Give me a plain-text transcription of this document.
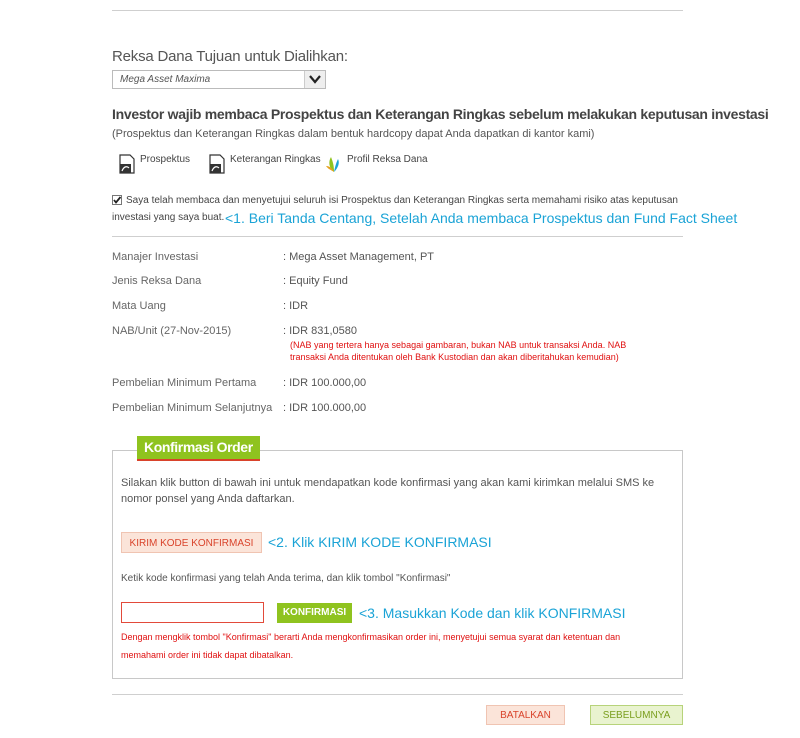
Reksa Dana Tujuan untuk Dialihkan:
Mega Asset Maxima
Investor wajib membaca Prospektus dan Keterangan Ringkas sebelum melakukan keputusan investasi
(Prospektus dan Keterangan Ringkas dalam bentuk hardcopy dapat Anda dapatkan di kantor kami)
Prospektus	Keterangan Ringkas	Profil Reksa Dana
Saya telah membaca dan menyetujui seluruh isi Prospektus dan Keterangan Ringkas serta memahami risiko atas keputusan
investasi yang saya buat. <1. Beri Tanda Centang, Setelah Anda membaca Prospektus dan Fund Fact Sheet
Manajer Investasi	: Mega Asset Management, PT
Jenis Reksa Dana	: Equity Fund
Mata Uang	: IDR
NAB/Unit (27-Nov-2015)	: IDR 831,0580
(NAB yang tertera hanya sebagai gambaran, bukan NAB untuk transaksi Anda. NAB
transaksi Anda ditentukan oleh Bank Kustodian dan akan diberitahukan kemudian)
Pembelian Minimum Pertama : IDR 100.000,00
Pembelian Minimum Selanjutnya : IDR 100.000,00
Konfirmasi Order
Silakan klik button di bawah ini untuk mendapatkan kode konfirmasi yang akan kami kirimkan melalui SMS ke
nomor ponsel yang Anda daftarkan.
KIRIM KODE KONFIRMASI	<2. Klik KIRIM KODE KONFIRMASI
Ketik kode konfirmasi yang telah Anda terima, dan klik tombol "Konfirmasi"
KONFIRMASI <3. Masukkan Kode dan klik KONFIRMASI
Dengan mengklik tombol "Konfirmasi" berarti Anda mengkonfirmasikan order ini, menyetujui semua syarat dan ketentuan dan
memahami order ini tidak dapat dibatalkan.
BATALKAN	SEBELUMNYA
